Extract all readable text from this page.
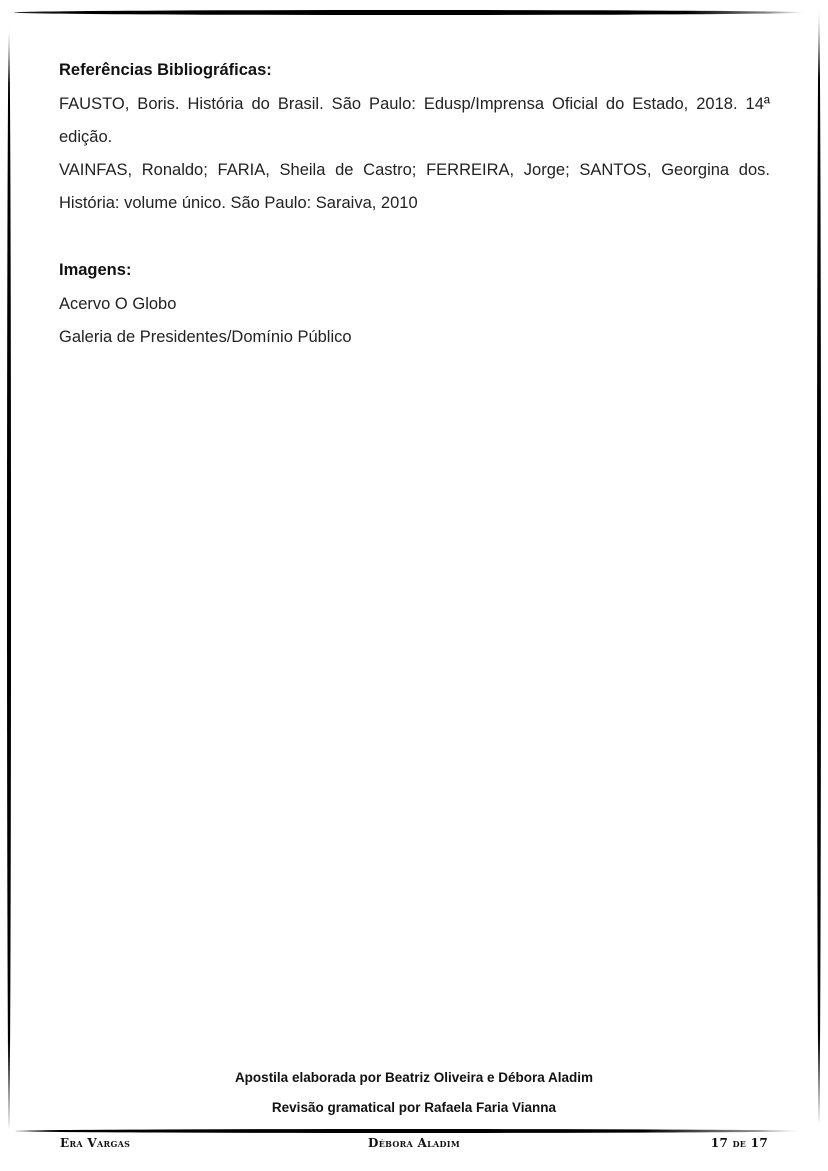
Referências Bibliográficas:

FAUSTO, Boris. História do Brasil. São Paulo: Edusp/Imprensa Oficial do Estado, 2018. 14ª edição.

VAINFAS, Ronaldo; FARIA, Sheila de Castro; FERREIRA, Jorge; SANTOS, Georgina dos. História: volume único. São Paulo: Saraiva, 2010

Imagens:

Acervo O Globo

Galeria de Presidentes/Domínio Público

Apostila elaborada por Beatriz Oliveira e Débora Aladim
Revisão gramatical por Rafaela Faria Vianna
Era Vargas	Débora Aladim	17 de 17
